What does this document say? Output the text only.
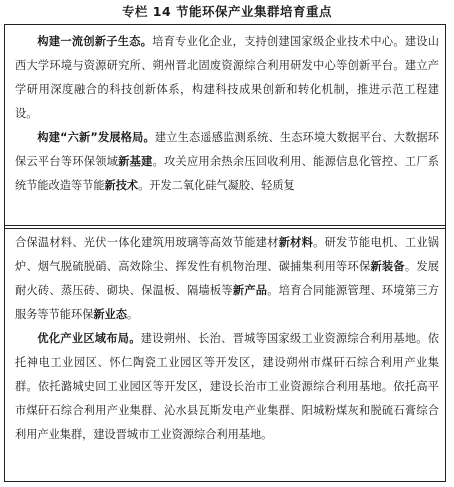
专栏 14 节能环保产业集群培育重点

构建一流创新子生态。培育专业化企业，支持创建国家级企业技术中心。建设山西大学环境与资源研究所、朔州晋北固废资源综合利用研发中心等创新平台。建立产学研用深度融合的科技创新体系，构建科技成果创新和转化机制，推进示范工程建设。

构建“六新”发展格局。建立生态遥感监测系统、生态环境大数据平台、大数据环保云平台等环保领域新基建。攻关应用余热余压回收利用、能源信息化管控、工厂系统节能改造等节能新技术。开发二氧化硅气凝胶、轻质复

合保温材料、光伏一体化建筑用玻璃等高效节能建材新材料。研发节能电机、工业锅炉、烟气脱硫脱硝、高效除尘、挥发性有机物治理、碳捕集利用等环保新装备。发展耐火砖、蒸压砖、砌块、保温板、隔墙板等新产品。培育合同能源管理、环境第三方服务等节能环保新业态。

优化产业区域布局。建设朔州、长治、晋城等国家级工业资源综合利用基地。依托神电工业园区、怀仁陶瓷工业园区等开发区，建设朔州市煤矸石综合利用产业集群。依托潞城史回工业园区等开发区，建设长治市工业资源综合利用基地。依托高平市煤矸石综合利用产业集群、沁水县瓦斯发电产业集群、阳城粉煤灰和脱硫石膏综合利用产业集群，建设晋城市工业资源综合利用基地。
